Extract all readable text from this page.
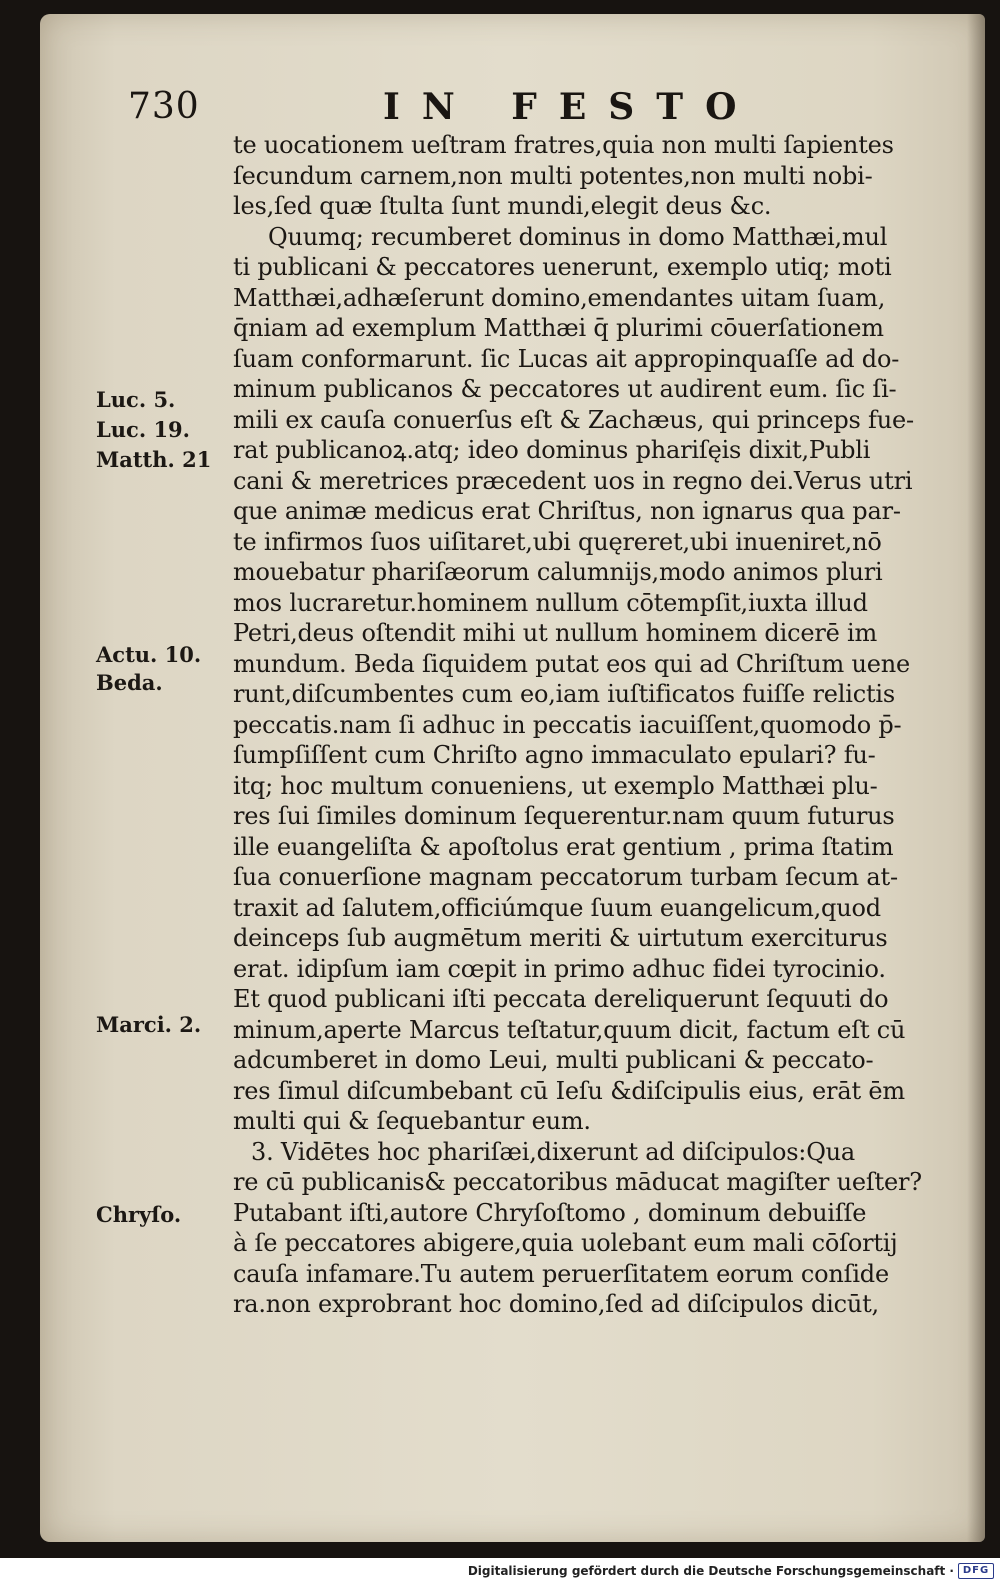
730	IN FESTO
te uocationem ueſtram fratres,quia non multi ſapientes
ſecundum carnem,non multi potentes,non multi nobi-
les,ſed quæ ſtulta ſunt mundi,elegit deus &c.
Quumq; recumberet dominus in domo Matthæi,mul
ti publicani & peccatores uenerunt, exemplo utiq; moti
Matthæi,adhæſerunt domino,emendantes uitam ſuam,
q̄niam ad exemplum Matthæi q̄ plurimi cōuerſationem
ſuam conformarunt. ſic Lucas ait appropinquaſſe ad do-
minum publicanos & peccatores ut audirent eum. ſic ſi-
mili ex cauſa conuerſus eſt & Zachæus, qui princeps fue-
rat publicanoꝝ.atq; ideo dominus phariſęis dixit,Publi
cani & meretrices præcedent uos in regno dei.Verus utri
que animæ medicus erat Chriſtus, non ignarus qua par-
te infirmos ſuos uiſitaret,ubi quęreret,ubi inueniret,nō
mouebatur phariſæorum calumnijs,modo animos pluri
mos lucraretur.hominem nullum cōtempſit,iuxta illud
Petri,deus oſtendit mihi ut nullum hominem dicerē im
mundum. Beda ſiquidem putat eos qui ad Chriſtum uene
runt,diſcumbentes cum eo,iam iuſtificatos fuiſſe relictis
peccatis.nam ſi adhuc in peccatis iacuiſſent,quomodo p̄-
ſumpſiſſent cum Chriſto agno immaculato epulari? fu-
itq; hoc multum conueniens, ut exemplo Matthæi plu-
res ſui ſimiles dominum ſequerentur.nam quum futurus
ille euangeliſta & apoſtolus erat gentium , prima ſtatim
ſua conuerſione magnam peccatorum turbam ſecum at-
traxit ad ſalutem,officiúmque ſuum euangelicum,quod
deinceps ſub augmētum meriti & uirtutum exerciturus
erat. idipſum iam cœpit in primo adhuc fidei tyrocinio.
Et quod publicani iſti peccata dereliquerunt ſequuti do
minum,aperte Marcus teſtatur,quum dicit, factum eſt cū
adcumberet in domo Leui, multi publicani & peccato-
res ſimul diſcumbebant cū Ieſu &diſcipulis eius, erāt ēm
multi qui & ſequebantur eum.
3. Vidētes hoc phariſæi,dixerunt ad diſcipulos:Qua
re cū publicanis& peccatoribus māducat magiſter ueſter?
Putabant iſti,autore Chryſoſtomo , dominum debuiſſe
à ſe peccatores abigere,quia uolebant eum mali cōſortij
cauſa infamare.Tu autem peruerſitatem eorum conſide
ra.non exprobrant hoc domino,ſed ad diſcipulos dicūt,
Luc. 5.
Luc. 19.
Matth. 21
Actu. 10.
Beda.
Marci. 2.
Chryſo.
Digitalisierung gefördert durch die Deutsche Forschungsgemeinschaft · DFG
